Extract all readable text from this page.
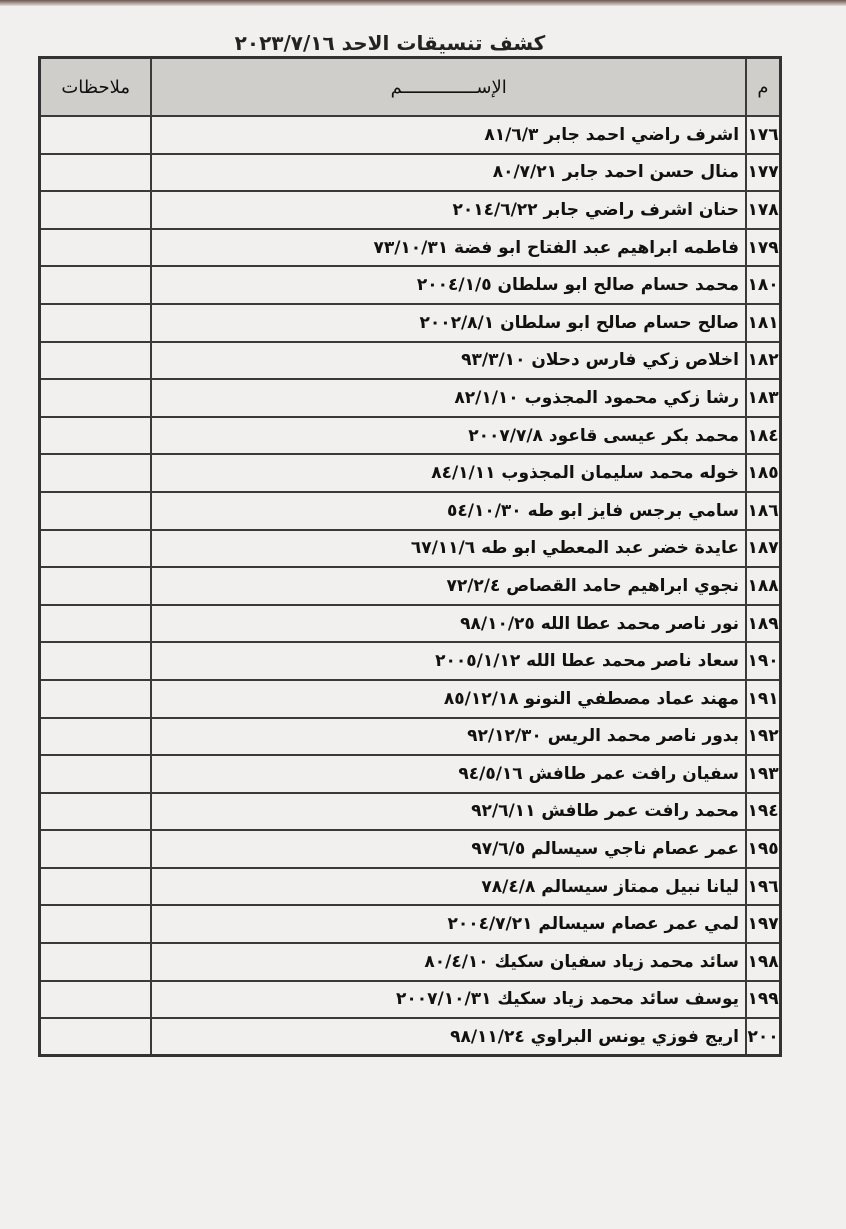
كشف تنسيقات الاحد ٢٠٢٣/٧/١٦
م	الإســــــــــــــم	ملاحظات
١٧٦	اشرف راضي احمد جابر ٨١/٦/٣	
١٧٧	منال حسن احمد جابر ٨٠/٧/٢١	
١٧٨	حنان اشرف راضي جابر ٢٠١٤/٦/٢٢	
١٧٩	فاطمه ابراهيم عبد الفتاح ابو فضة ٧٣/١٠/٣١	
١٨٠	محمد حسام صالح ابو سلطان ٢٠٠٤/١/٥	
١٨١	صالح حسام صالح ابو سلطان ٢٠٠٢/٨/١	
١٨٢	اخلاص زكي فارس دحلان ٩٣/٣/١٠	
١٨٣	رشا زكي محمود المجذوب ٨٢/١/١٠	
١٨٤	محمد بكر عيسى قاعود ٢٠٠٧/٧/٨	
١٨٥	خوله محمد سليمان المجذوب ٨٤/١/١١	
١٨٦	سامي برجس فايز ابو طه ٥٤/١٠/٣٠	
١٨٧	عايدة خضر عبد المعطي ابو طه ٦٧/١١/٦	
١٨٨	نجوي ابراهيم حامد القصاص ٧٢/٢/٤	
١٨٩	نور ناصر محمد عطا الله ٩٨/١٠/٢٥	
١٩٠	سعاد ناصر محمد عطا الله ٢٠٠٥/١/١٢	
١٩١	مهند عماد مصطفي النونو ٨٥/١٢/١٨	
١٩٢	بدور ناصر محمد الريس ٩٢/١٢/٣٠	
١٩٣	سفيان رافت عمر طافش ٩٤/٥/١٦	
١٩٤	محمد رافت عمر طافش ٩٢/٦/١١	
١٩٥	عمر عصام ناجي سيسالم ٩٧/٦/٥	
١٩٦	ليانا نبيل ممتاز سيسالم ٧٨/٤/٨	
١٩٧	لمي عمر عصام سيسالم ٢٠٠٤/٧/٢١	
١٩٨	سائد محمد زياد سفيان سكيك ٨٠/٤/١٠	
١٩٩	يوسف سائد محمد زياد سكيك ٢٠٠٧/١٠/٣١	
٢٠٠	اريج فوزي يونس البراوي ٩٨/١١/٢٤	
